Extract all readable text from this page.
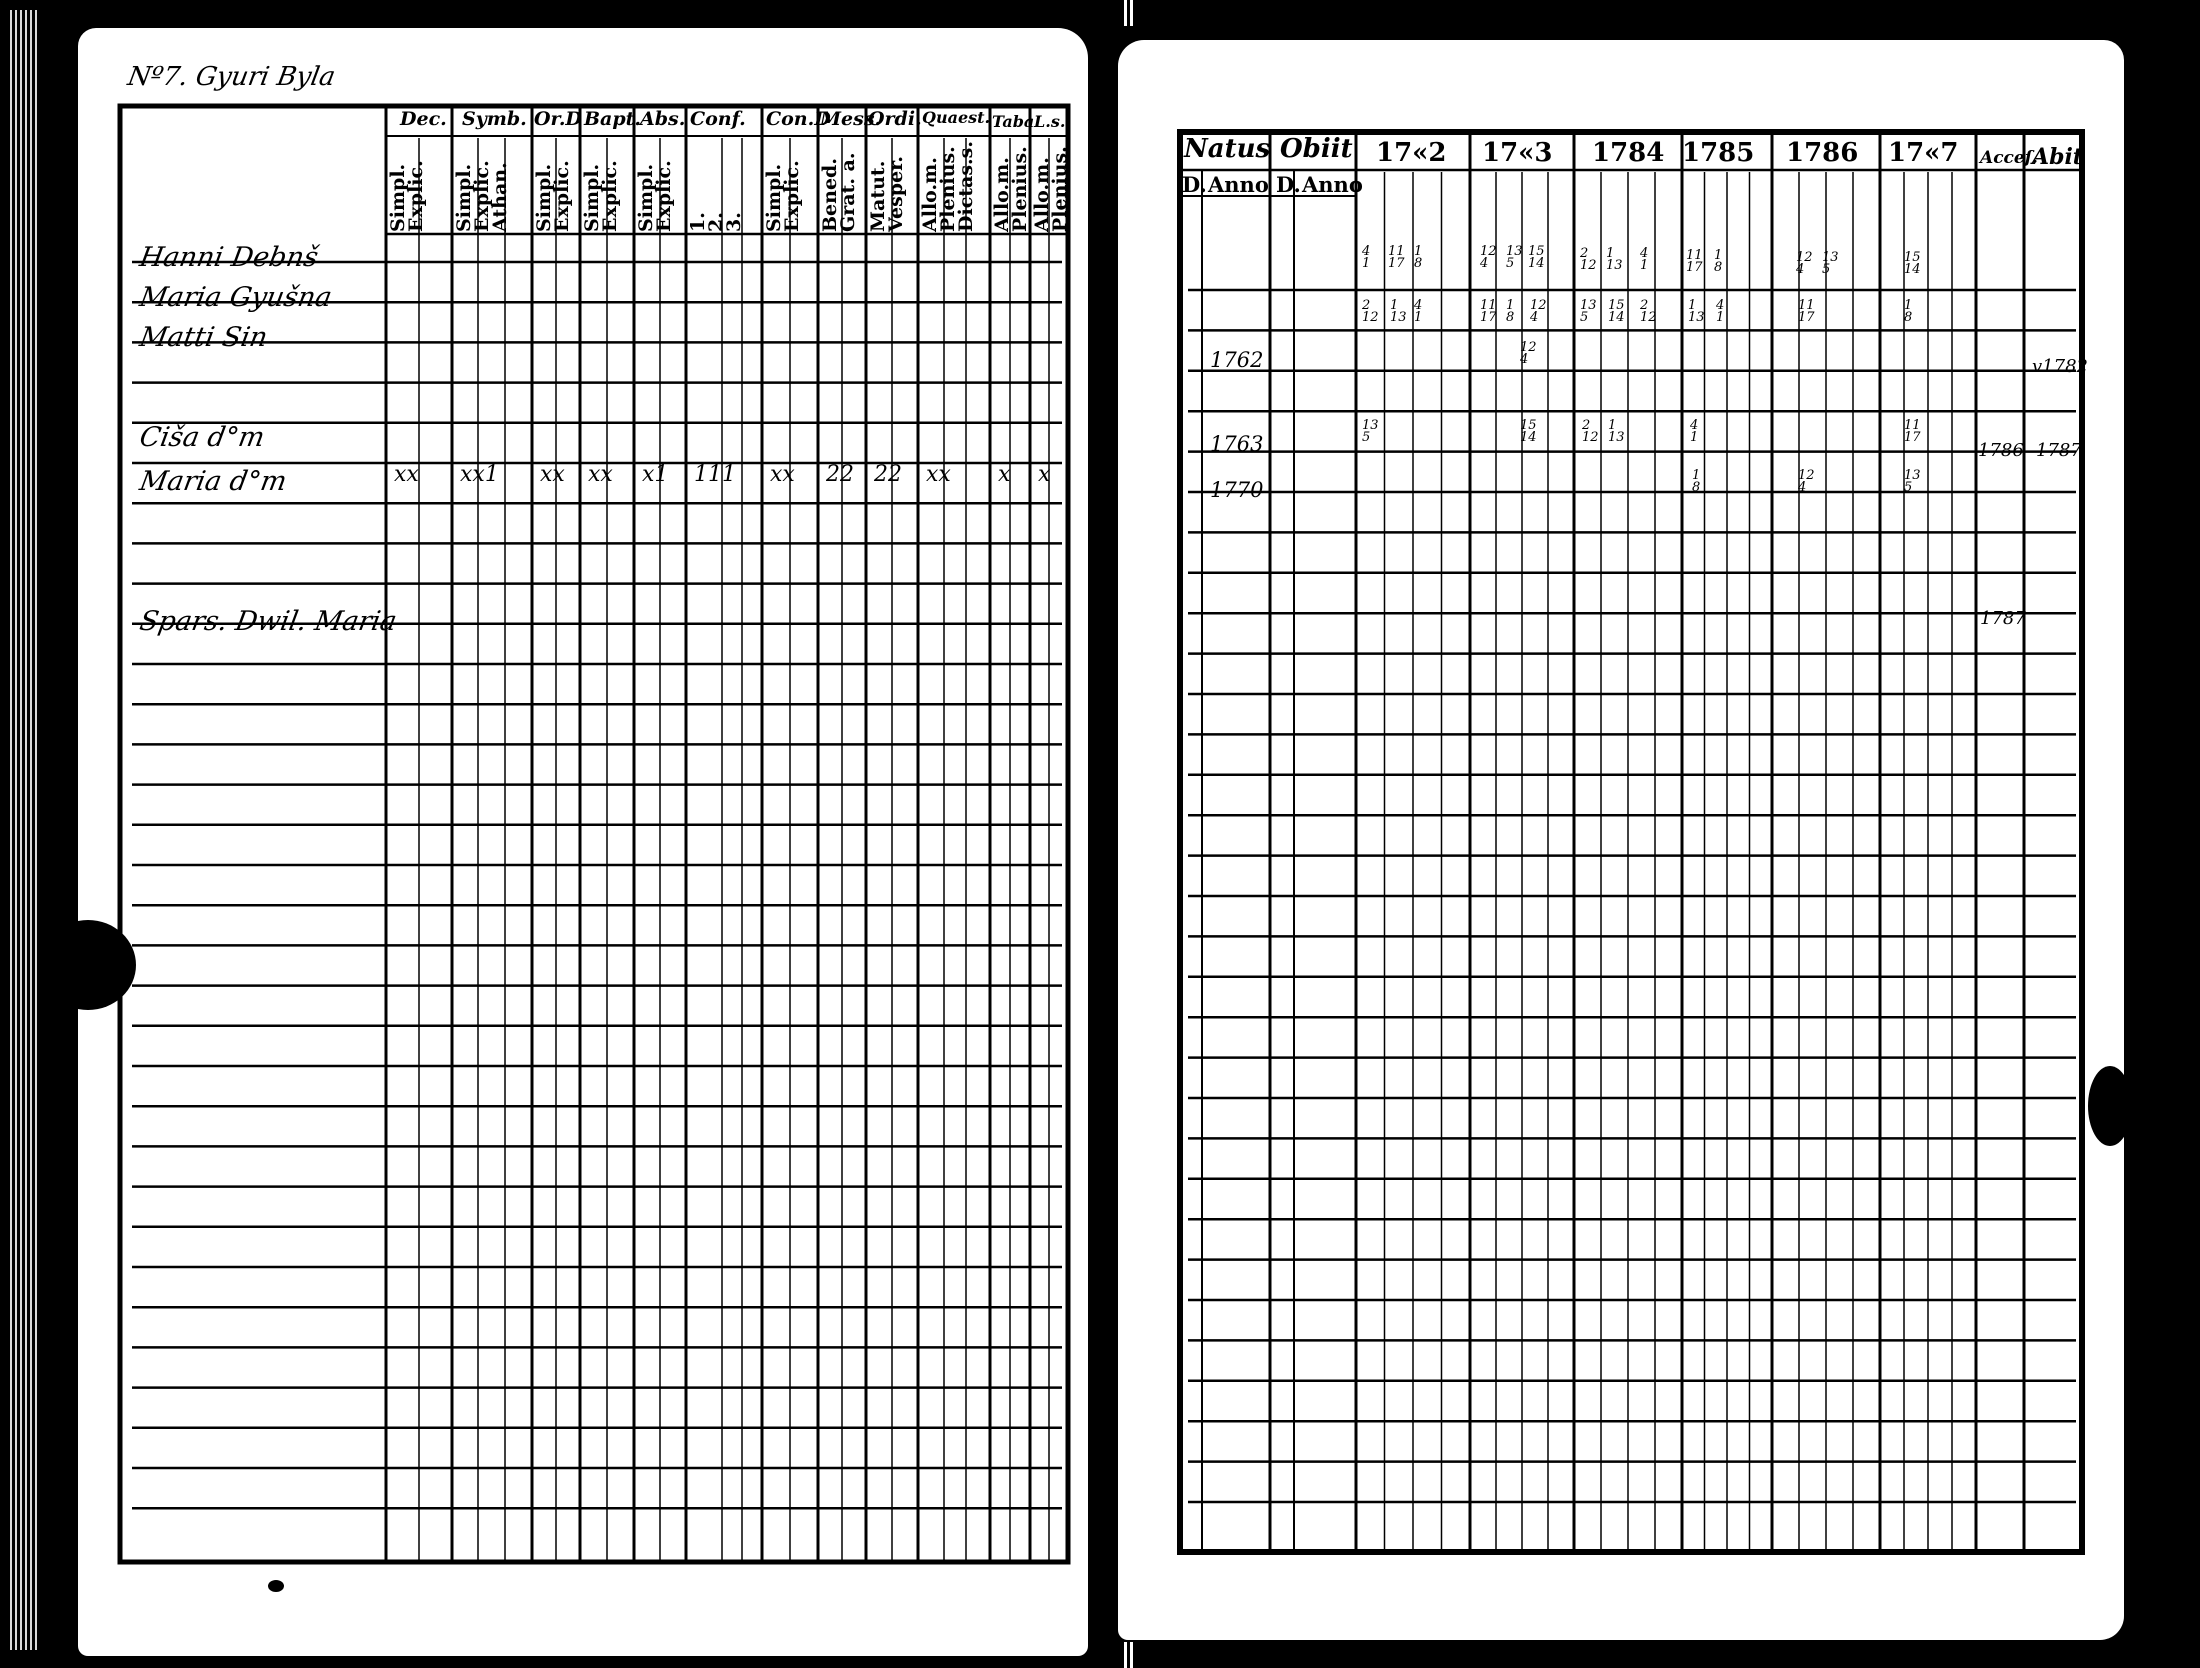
Nº7. Gyuri Byla
Dec.
Simpl.
Explic.
Symb.
Simpl.
Explic.
Athan.
Or.D
Simpl.
Explic.
Bapt.
Simpl.
Explic.
Abs.
Simpl.
Explic.
Conf.
1.
2.
3.
Con.D
Simpl.
Explic.
Mess.
Bened.
Grat. a.
Ordi.
Matut.
Vesper.
Quaest.
Allo.m.
Plenius.
Dictas.s.
Taba.
Allo.m.
Plenius.
L.s.
Allo.m.
Plenius.
Hanni Debnš
Maria Gyušna
Matti Sin
Ciša d°m
Maria d°m
Spars. Dwil. Maria
xx xx1 xx xx x1 111 xx 22 22 xx x x
Natus Obiit
D. Anno D. Anno
17«2 17«3 1784 1785 1786 17«7 Acceſ.
Abit
1762
1763
1770
v1782
1786 1787
1787
4
1
11
17
1
8
12
4
13
5
15
14
2
12
1
13
4
1
11
17
1
8
12
4
13
5
15
14
2
12
1
13
4
1
11
17
1
8
12
4
13
5
15
14
2
12
1
13
4
1
11
17
1
8
12
4
13
5
15
14
2
12
1
13
4
1
11
17
1
8
12
4
13
5
